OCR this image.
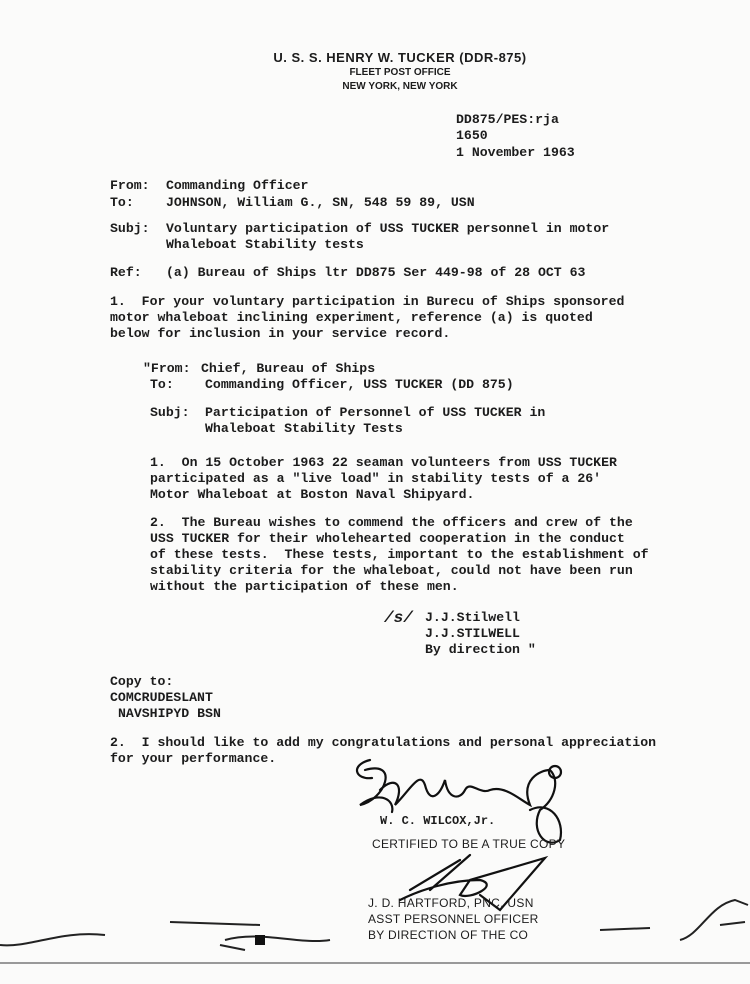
U. S. S. HENRY W. TUCKER (DDR-875)
FLEET POST OFFICE
NEW YORK, NEW YORK
DD875/PES:rja
1650
1 November 1963
From: Commanding Officer
To: JOHNSON, William G., SN, 548 59 89, USN
Subj: Voluntary participation of USS TUCKER personnel in motor
Whaleboat Stability tests
Ref: (a) Bureau of Ships ltr DD875 Ser 449-98 of 28 OCT 63
1.  For your voluntary participation in Burecu of Ships sponsored
motor whaleboat inclining experiment, reference (a) is quoted
below for inclusion in your service record.
"From: Chief, Bureau of Ships
To: Commanding Officer, USS TUCKER (DD 875)
Subj: Participation of Personnel of USS TUCKER in
Whaleboat Stability Tests
1.  On 15 October 1963 22 seaman volunteers from USS TUCKER
participated as a "live load" in stability tests of a 26'
Motor Whaleboat at Boston Naval Shipyard.
2.  The Bureau wishes to commend the officers and crew of the
USS TUCKER for their wholehearted cooperation in the conduct
of these tests.  These tests, important to the establishment of
stability criteria for the whaleboat, could not have been run
without the participation of these men.
/s/ J.J.Stilwell
J.J.STILWELL
By direction "
Copy to:
COMCRUDESLANT
NAVSHIPYD BSN
2.  I should like to add my congratulations and personal appreciation
for your performance.
W. C. WILCOX,Jr.
CERTIFIED TO BE A TRUE COPY
J. D. HARTFORD, PNC, USN
ASST PERSONNEL OFFICER
BY DIRECTION OF THE CO
